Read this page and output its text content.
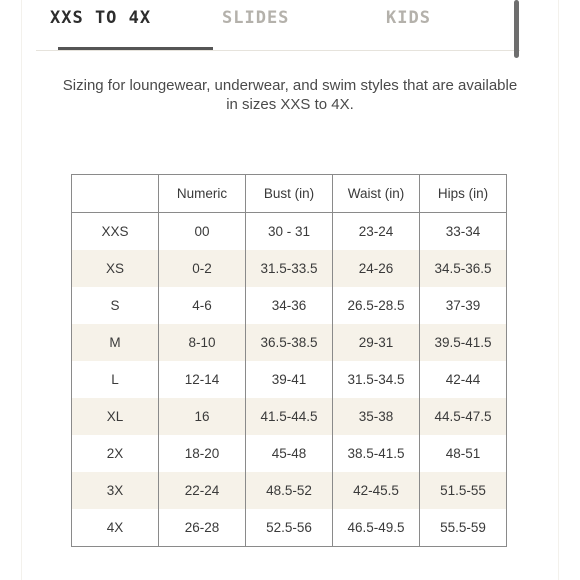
XXS TO 4X	SLIDES	KIDS
Sizing for loungewear, underwear, and swim styles that are available in sizes XXS to 4X.
	Numeric	Bust (in)	Waist (in)	Hips (in)
XXS	00	30 - 31	23-24	33-34
XS	0-2	31.5-33.5	24-26	34.5-36.5
S	4-6	34-36	26.5-28.5	37-39
M	8-10	36.5-38.5	29-31	39.5-41.5
L	12-14	39-41	31.5-34.5	42-44
XL	16	41.5-44.5	35-38	44.5-47.5
2X	18-20	45-48	38.5-41.5	48-51
3X	22-24	48.5-52	42-45.5	51.5-55
4X	26-28	52.5-56	46.5-49.5	55.5-59
